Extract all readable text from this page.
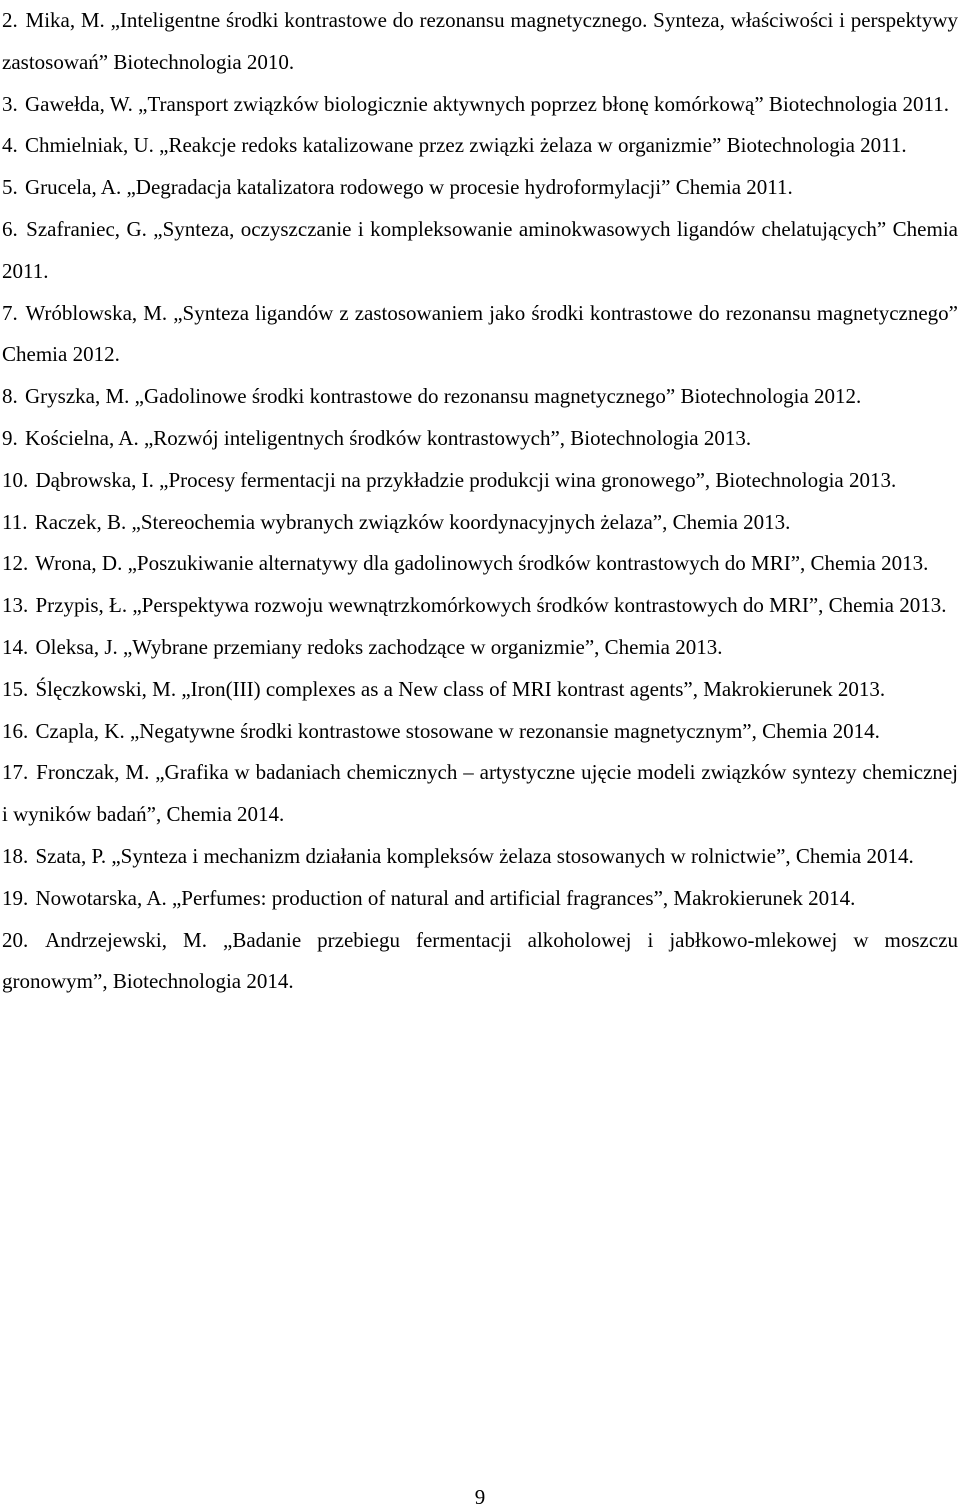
2. Mika, M. „Inteligentne środki kontrastowe do rezonansu magnetycznego. Synteza, właściwości i perspektywy zastosowań” Biotechnologia 2010.
3. Gawełda, W. „Transport związków biologicznie aktywnych poprzez błonę komórkową” Biotechnologia 2011.
4. Chmielniak, U. „Reakcje redoks katalizowane przez związki żelaza w organizmie” Biotechnologia 2011.
5. Grucela, A. „Degradacja katalizatora rodowego w procesie hydroformylacji” Chemia 2011.
6. Szafraniec, G. „Synteza, oczyszczanie i kompleksowanie aminokwasowych ligandów chelatujących” Chemia 2011.
7. Wróblowska, M. „Synteza ligandów z zastosowaniem jako środki kontrastowe do rezonansu magnetycznego” Chemia 2012.
8. Gryszka, M. „Gadolinowe środki kontrastowe do rezonansu magnetycznego” Biotechnologia 2012.
9. Kościelna, A. „Rozwój inteligentnych środków kontrastowych”, Biotechnologia 2013.
10. Dąbrowska, I. „Procesy fermentacji na przykładzie produkcji wina gronowego”, Biotechnologia 2013.
11. Raczek, B. „Stereochemia wybranych związków koordynacyjnych żelaza”, Chemia 2013.
12. Wrona, D. „Poszukiwanie alternatywy dla gadolinowych środków kontrastowych do MRI”, Chemia 2013.
13. Przypis, Ł. „Perspektywa rozwoju wewnątrzkomórkowych środków kontrastowych do MRI”, Chemia 2013.
14. Oleksa, J. „Wybrane przemiany redoks zachodzące w organizmie”, Chemia 2013.
15. Ślęczkowski, M. „Iron(III) complexes as a New class of MRI kontrast agents”, Makrokierunek 2013.
16. Czapla, K. „Negatywne środki kontrastowe stosowane w rezonansie magnetycznym”, Chemia 2014.
17. Fronczak, M. „Grafika w badaniach chemicznych – artystyczne ujęcie modeli związków syntezy chemicznej i wyników badań”, Chemia 2014.
18. Szata, P. „Synteza i mechanizm działania kompleksów żelaza stosowanych w rolnictwie”, Chemia 2014.
19. Nowotarska, A. „Perfumes: production of natural and artificial fragrances”, Makrokierunek 2014.
20. Andrzejewski, M. „Badanie przebiegu fermentacji alkoholowej i jabłkowo-mlekowej w moszczu gronowym”, Biotechnologia 2014.
9
